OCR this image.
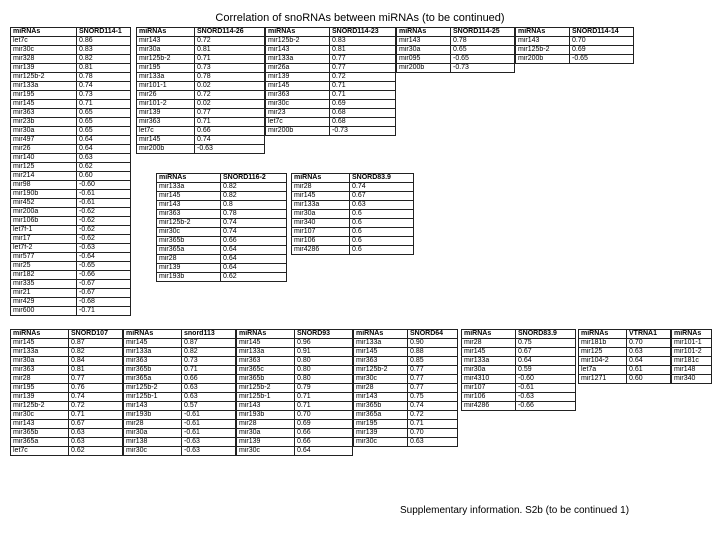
Correlation of snoRNAs between miRNAs (to be continued)
miRNAs	SNORD114-1
let7c	0.86
mir30c	0.83
mir328	0.82
mir139	0.81
mir125b-2	0.78
mir133a	0.74
mir195	0.73
mir145	0.71
mir363	0.65
mir23b	0.65
mir30a	0.65
mir497	0.64
mir26	0.64
mir140	0.63
mir125	0.62
mir214	0.60
mir98	-0.60
mir190b	-0.61
mir452	-0.61
mir200a	-0.62
mir106b	-0.62
let7f-1	-0.62
mir17	-0.62
let7f-2	-0.63
mir577	-0.64
mir25	-0.65
mir182	-0.66
mir335	-0.67
mir21	-0.67
mir429	-0.68
mir600	-0.71
miRNAs	SNORD114-26
mir143	0.72
mir30a	0.81
mir125b-2	0.71
mir195	0.73
mir133a	0.78
mir101-1	0.02
mir26	0.72
mir101-2	0.02
mir139	0.77
mir363	0.71
let7c	0.66
mir145	0.74
mir200b	-0.63
miRNAs	SNORD114-23
mir125b-2	0.83
mir143	0.81
mir133a	0.77
mir26a	0.77
mir139	0.72
mir145	0.71
mir363	0.71
mir30c	0.69
mir23	0.68
let7c	0.68
mir200b	-0.73
miRNAs	SNORD114-25
mir143	0.78
mir30a	0.65
mir095	-0.65
mir200b	-0.73
miRNAs	SNORD114-14
mir143	0.70
mir125b-2	0.69
mir200b	-0.65
miRNAs	SNORD116-2
mir133a	0.82
mir145	0.82
mir143	0.8
mir363	0.78
mir125b-2	0.74
mir30c	0.74
mir365b	0.66
mir365a	0.64
mir28	0.64
mir139	0.64
mir193b	0.62
miRNAs	SNORD83.9
mir28	0.74
mir145	0.67
mir133a	0.63
mir30a	0.6
mir340	0.6
mir107	0.6
mir106	0.6
mir4286	0.6
miRNAs	SNORD107
mir145	0.87
mir133a	0.82
mir30a	0.84
mir363	0.81
mir28	0.77
mir195	0.76
mir139	0.74
mir125b-2	0.72
mir30c	0.71
mir143	0.67
mir365b	0.63
mir365a	0.63
let7c	0.62
miRNAs	snord113
mir145	0.87
mir133a	0.82
mir363	0.73
mir365b	0.71
mir365a	0.66
mir125b-2	0.63
mir125b-1	0.63
mir143	0.57
mir193b	-0.61
mir28	-0.61
mir30a	-0.61
mir138	-0.63
mir30c	-0.63
miRNAs	SNORD93
mir145	0.96
mir133a	0.91
mir363	0.80
mir365c	0.80
mir365b	0.80
mir125b-2	0.79
mir125b-1	0.71
mir143	0.71
mir193b	0.70
mir28	0.69
mir30a	0.66
mir139	0.66
mir30c	0.64
miRNAs	SNORD64
mir133a	0.90
mir145	0.88
mir363	0.85
mir125b-2	0.77
mir30c	0.77
mir28	0.77
mir143	0.75
mir365b	0.74
mir365a	0.72
mir195	0.71
mir139	0.70
mir30c	0.63
miRNAs	SNORD83.9
mir28	0.75
mir145	0.67
mir133a	0.64
mir30a	0.59
mir4310	-0.60
mir107	-0.61
mir106	-0.63
mir4286	-0.66
miRNAs	VTRNA1
mir181b	0.70
mir125	0.63
mir104-2	0.64
let7a	0.61
mir1271	0.60
miRNAs
mir101-1
mir101-2
mir181c
mir148
mir340
Supplementary information. S2b (to be continued 1)
